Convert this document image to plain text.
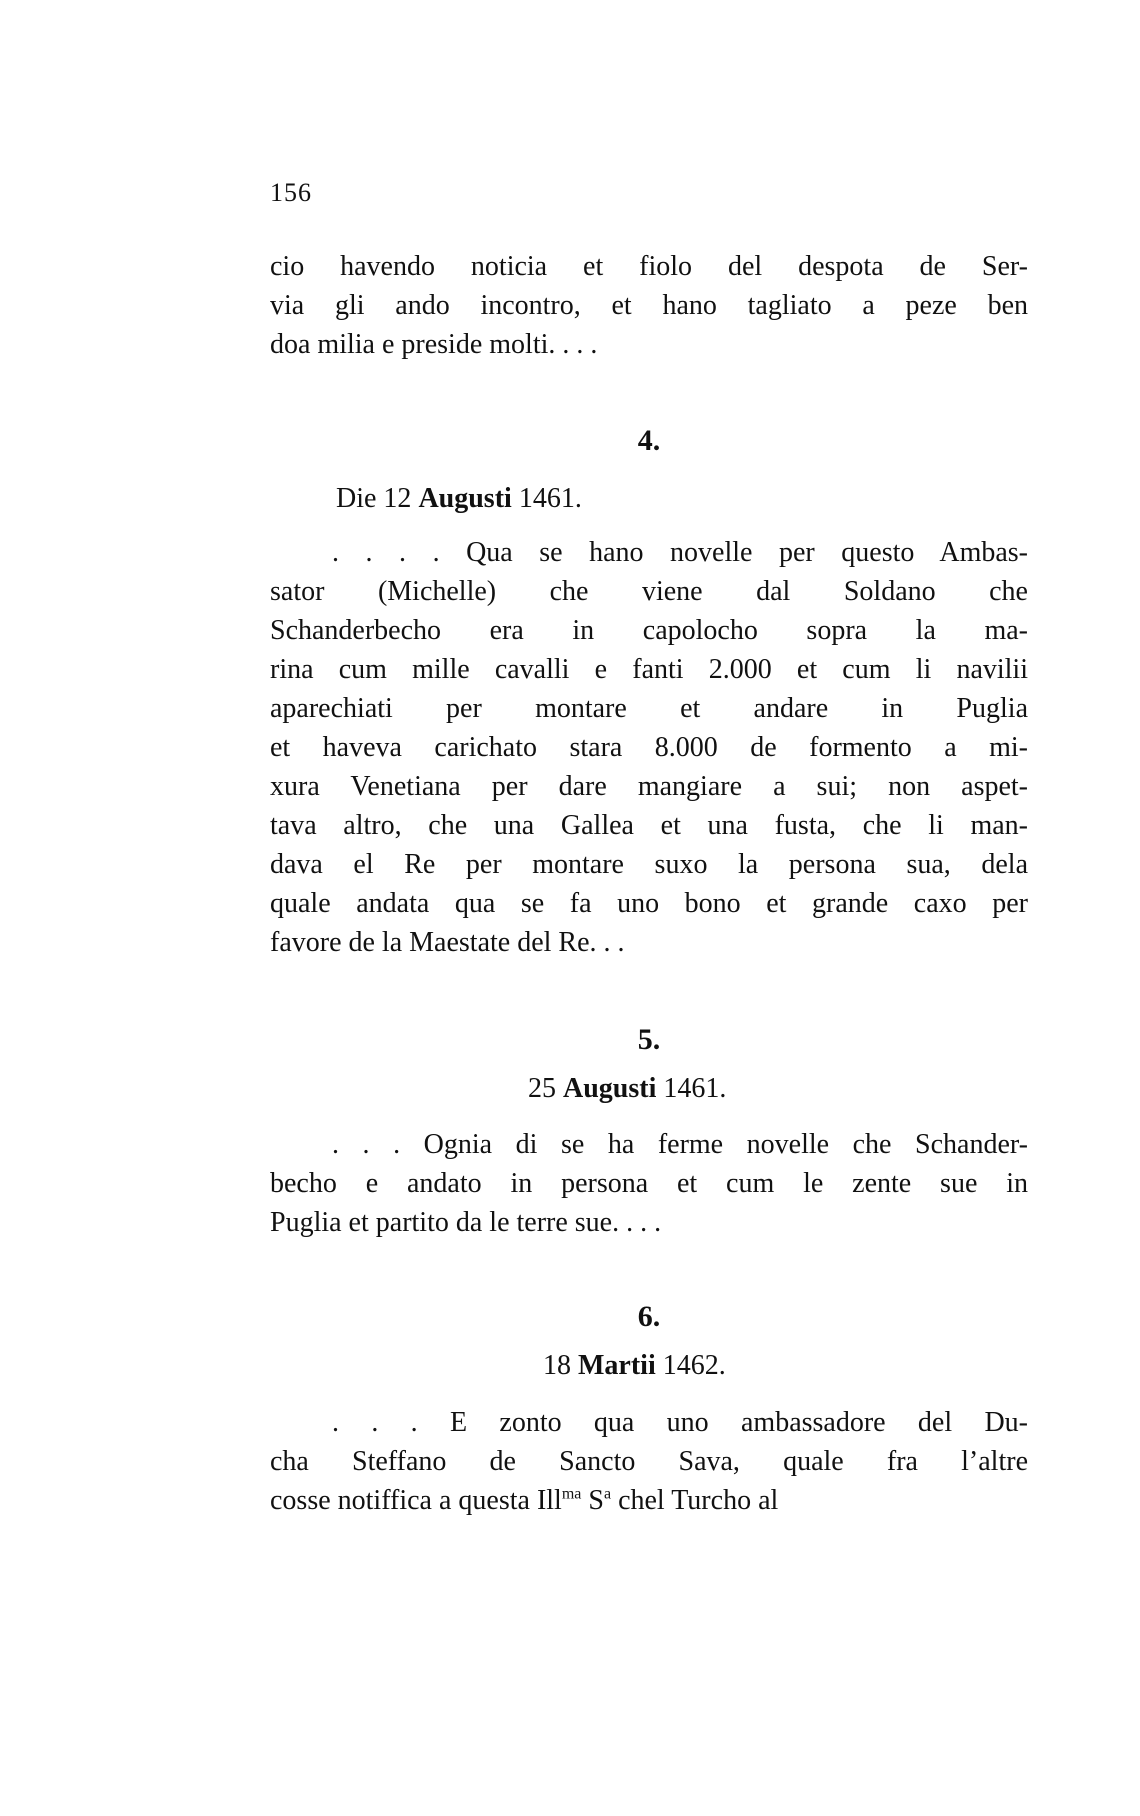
156

cio havendo noticia et fiolo del despota de Ser-
via gli ando incontro, et hano tagliato a peze ben
doa milia e preside molti. . . .

4.
Die 12 Augusti 1461.

. . . . Qua se hano novelle per questo Ambas-
sator (Michelle) che viene dal Soldano che
Schanderbecho era in capolocho sopra la ma-
rina cum mille cavalli e fanti 2.000 et cum li navilii
aparechiati per montare et andare in Puglia
et haveva carichato stara 8.000 de formento a mi-
xura Venetiana per dare mangiare a sui; non aspet-
tava altro, che una Gallea et una fusta, che li man-
dava el Re per montare suxo la persona sua, dela
quale andata qua se fa uno bono et grande caxo per
favore de la Maestate del Re. . .

5.
25 Augusti 1461.

. . . Ognia di se ha ferme novelle che Schander-
becho e andato in persona et cum le zente sue in
Puglia et partito da le terre sue. . . .

6.
18 Martii 1462.

. . . E zonto qua uno ambassadore del Du-
cha Steffano de Sancto Sava, quale fra l’altre
cosse notiffica a questa Ill$^{ma}$ $S^a$ chel Turcho al
